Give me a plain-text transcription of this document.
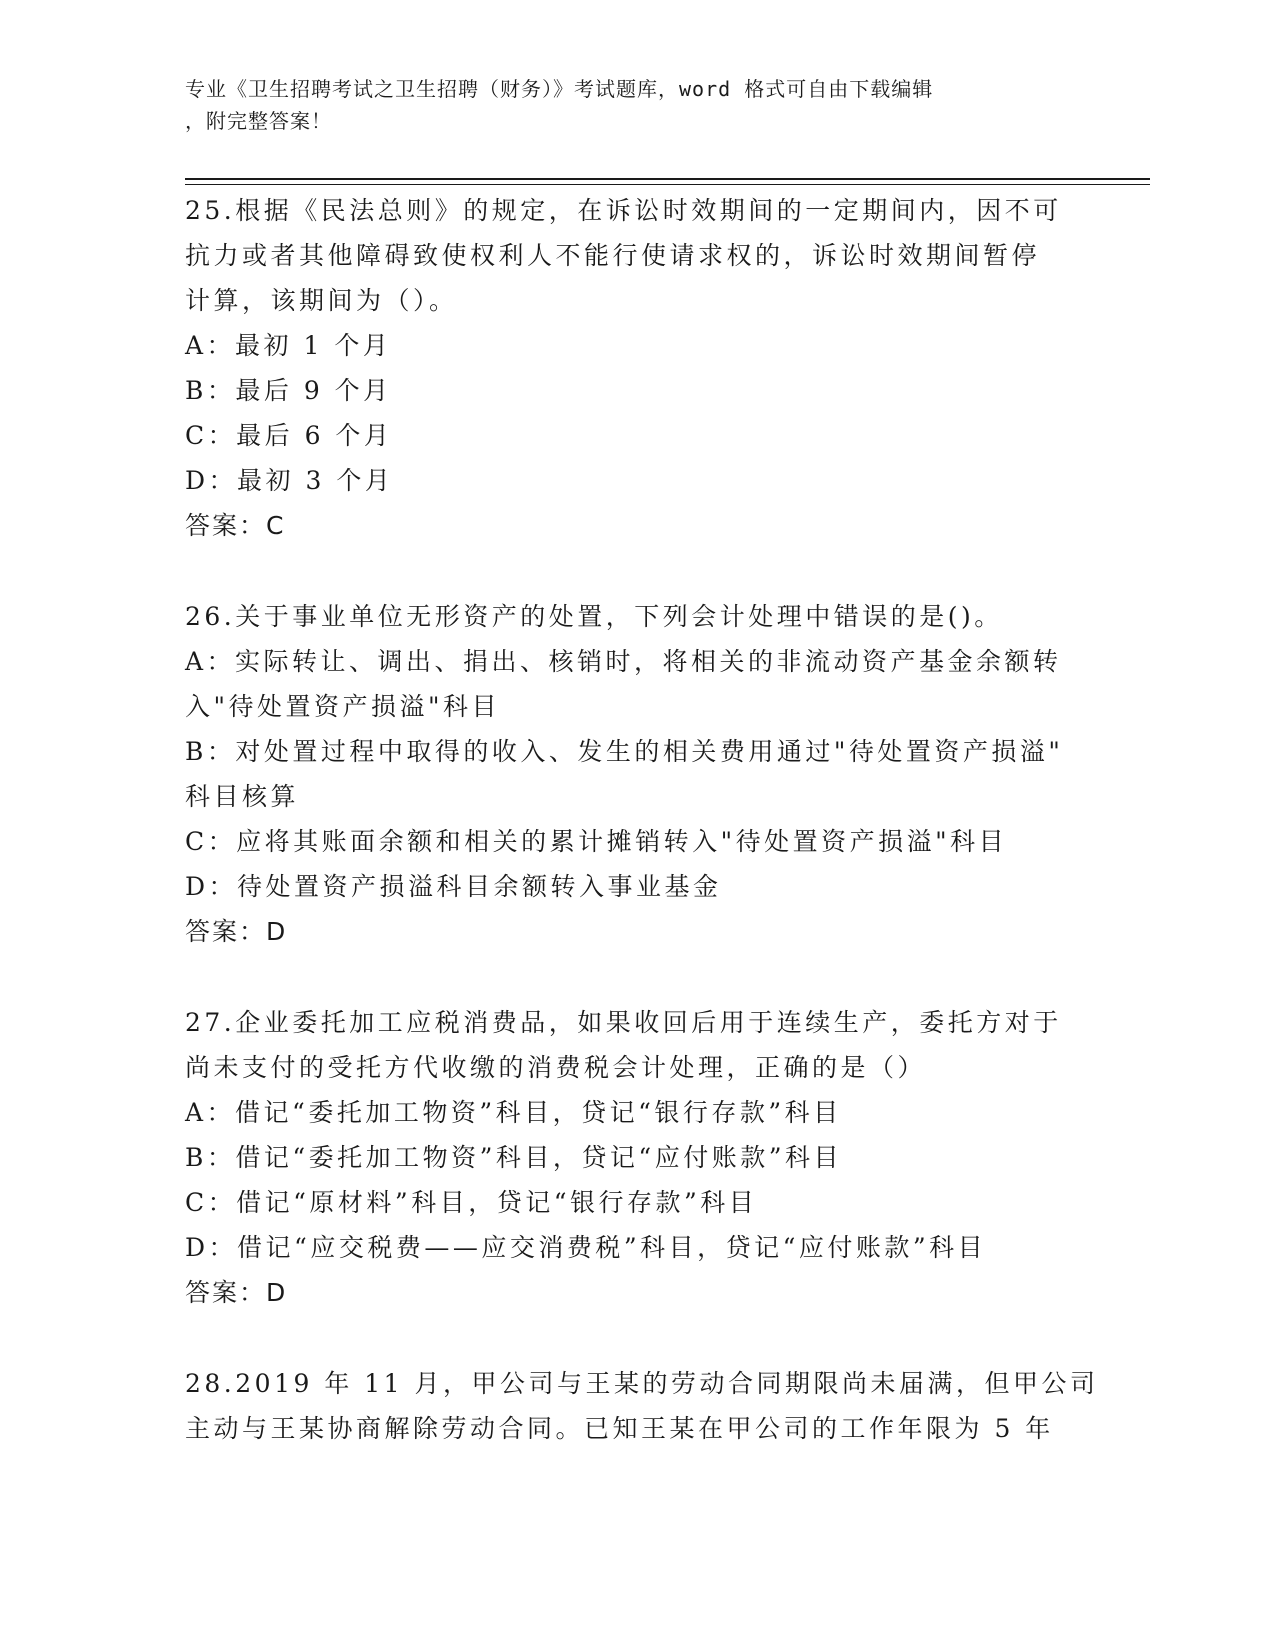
专业《卫生招聘考试之卫生招聘（财务）》考试题库，word 格式可自由下载编辑
，附完整答案！
25.根据《民法总则》的规定，在诉讼时效期间的一定期间内，因不可
抗力或者其他障碍致使权利人不能行使请求权的，诉讼时效期间暂停
计算，该期间为（）。
A：最初 1 个月
B：最后 9 个月
C：最后 6 个月
D：最初 3 个月
答案：C
26.关于事业单位无形资产的处置，下列会计处理中错误的是()。
A：实际转让、调出、捐出、核销时，将相关的非流动资产基金余额转
入"待处置资产损溢"科目
B：对处置过程中取得的收入、发生的相关费用通过"待处置资产损溢"
科目核算
C：应将其账面余额和相关的累计摊销转入"待处置资产损溢"科目
D：待处置资产损溢科目余额转入事业基金
答案：D
27.企业委托加工应税消费品，如果收回后用于连续生产，委托方对于
尚未支付的受托方代收缴的消费税会计处理，正确的是（）
A：借记“委托加工物资”科目，贷记“银行存款”科目
B：借记“委托加工物资”科目，贷记“应付账款”科目
C：借记“原材料”科目，贷记“银行存款”科目
D：借记“应交税费——应交消费税”科目，贷记“应付账款”科目
答案：D
28.2019 年 11 月，甲公司与王某的劳动合同期限尚未届满，但甲公司
主动与王某协商解除劳动合同。已知王某在甲公司的工作年限为 5 年
